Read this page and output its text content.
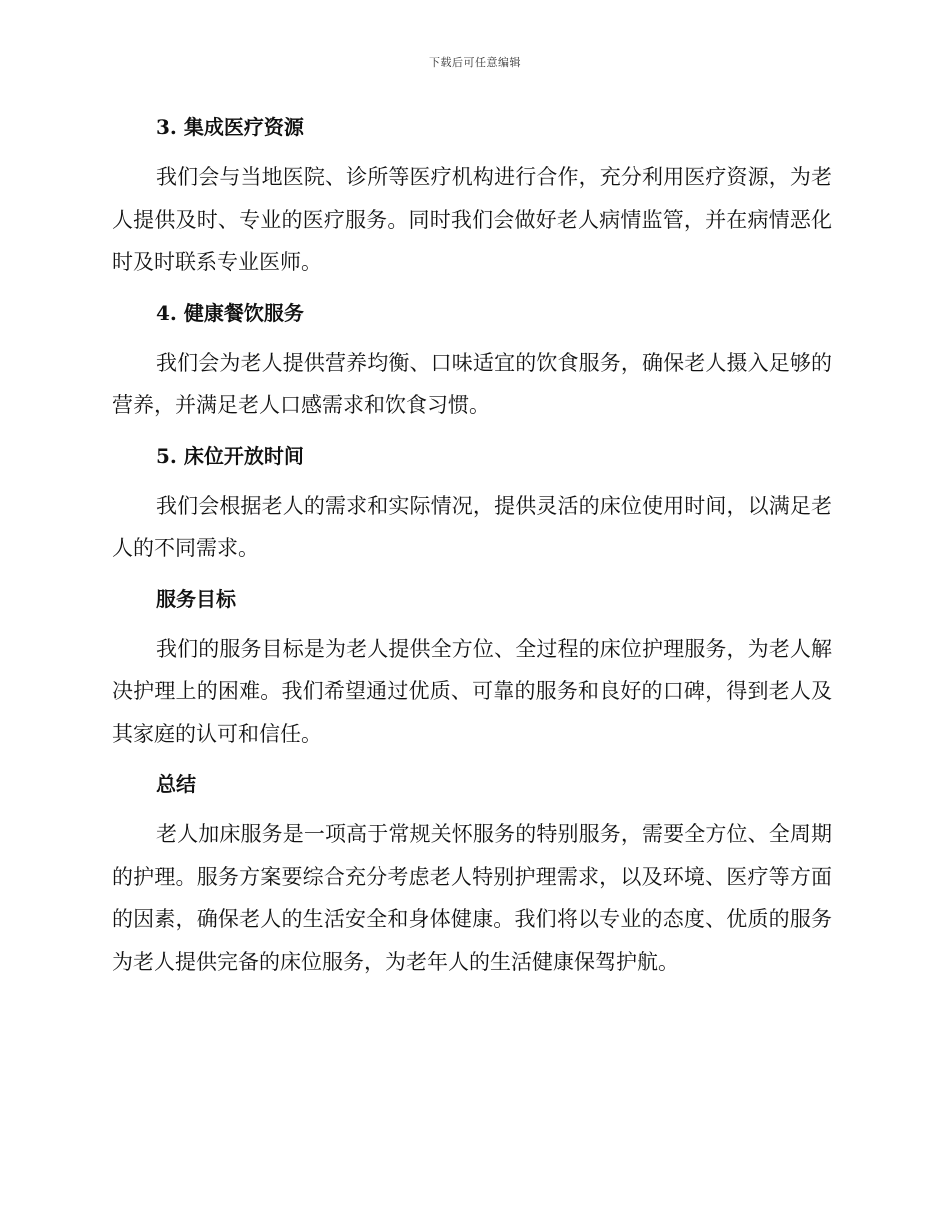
下载后可任意编辑
3. 集成医疗资源

我们会与当地医院、诊所等医疗机构进行合作，充分利用医疗资源，为老人提供及时、专业的医疗服务。同时我们会做好老人病情监管，并在病情恶化时及时联系专业医师。

4. 健康餐饮服务

我们会为老人提供营养均衡、口味适宜的饮食服务，确保老人摄入足够的营养，并满足老人口感需求和饮食习惯。

5. 床位开放时间

我们会根据老人的需求和实际情况，提供灵活的床位使用时间，以满足老人的不同需求。

服务目标

我们的服务目标是为老人提供全方位、全过程的床位护理服务，为老人解决护理上的困难。我们希望通过优质、可靠的服务和良好的口碑，得到老人及其家庭的认可和信任。

总结

老人加床服务是一项高于常规关怀服务的特别服务，需要全方位、全周期的护理。服务方案要综合充分考虑老人特别护理需求，以及环境、医疗等方面的因素，确保老人的生活安全和身体健康。我们将以专业的态度、优质的服务为老人提供完备的床位服务，为老年人的生活健康保驾护航。
